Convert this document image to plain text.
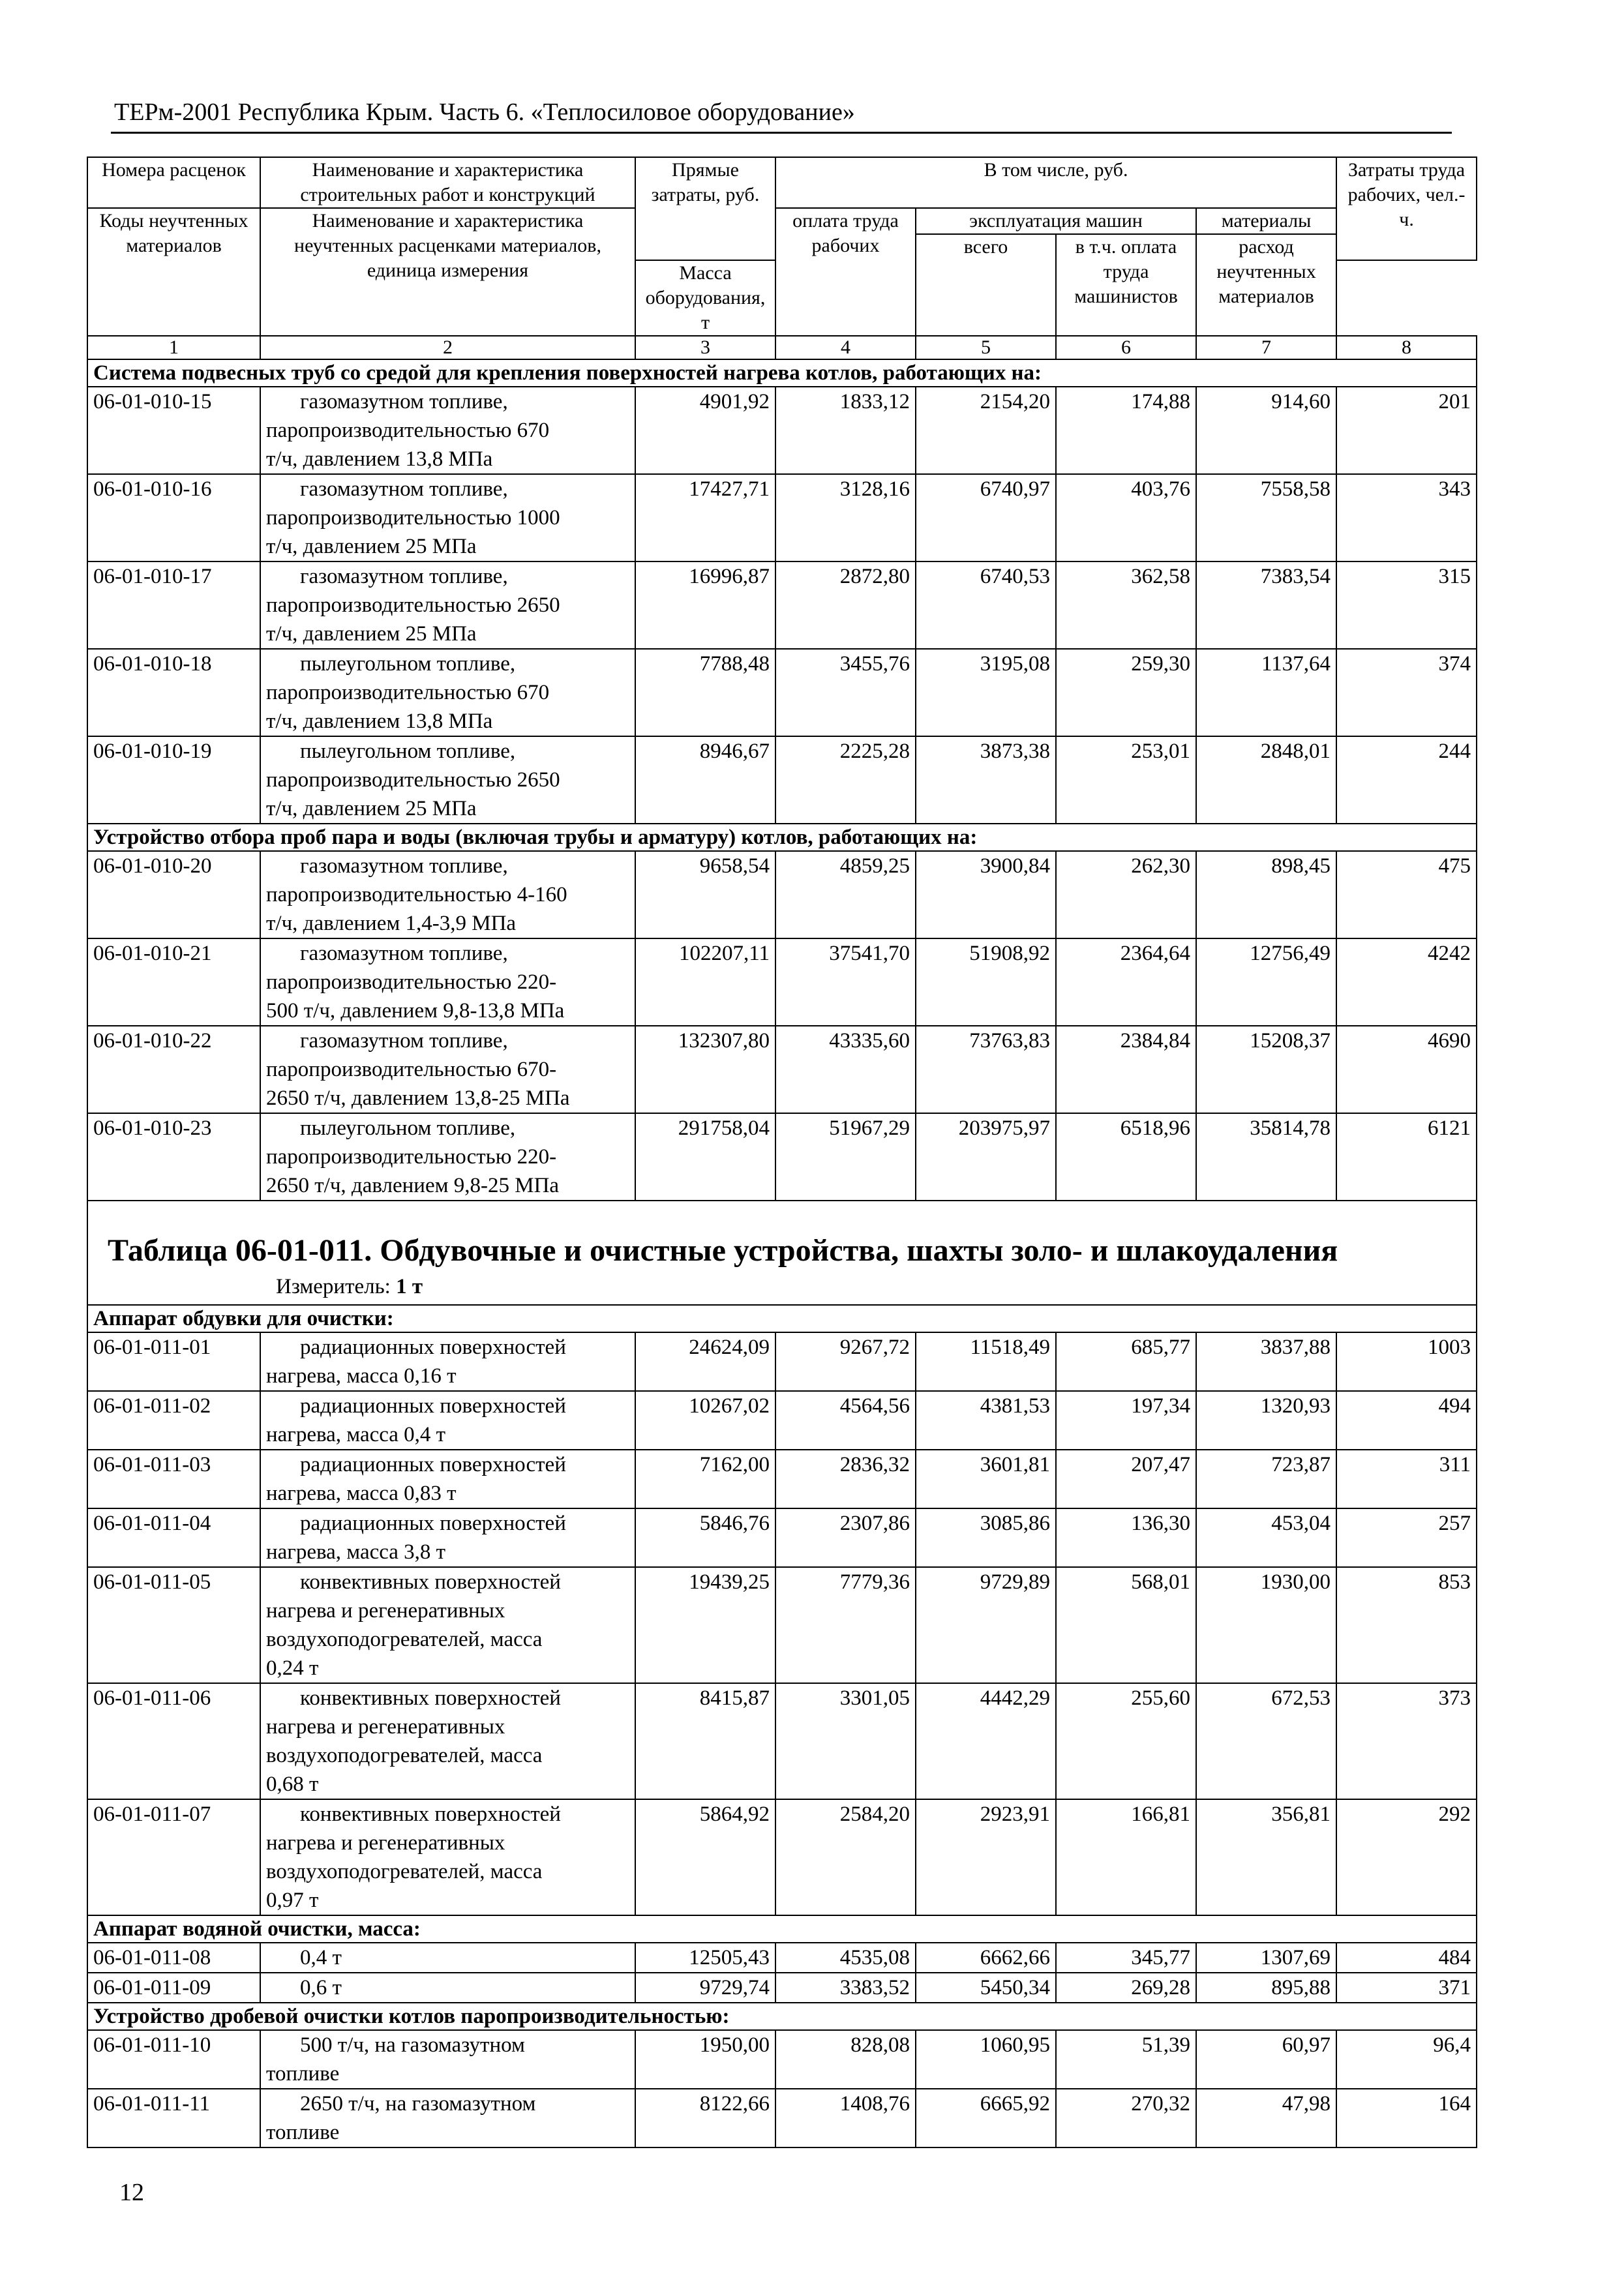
ТЕРм-2001 Республика Крым. Часть 6. «Теплосиловое оборудование»
Номера расценок	Наименование и характеристика строительных работ и конструкций	Прямые затраты, руб.	В том числе, руб.				Затраты труда рабочих, чел.-ч.
Коды неучтенных материалов	Наименование и характеристика неучтенных расценками материалов, единица измерения		оплата труда рабочих	эксплуатация машин		материалы	
				всего	в т.ч. оплата труда машинистов	расход неучтенных материалов	
		Масса оборудования, т					
1	2	3	4	5	6	7	8
Система подвесных труб со средой для крепления поверхностей нагрева котлов, работающих на:							
06-01-010-15	газомазутном топливе,
паропроизводительностью 670
т/ч, давлением 13,8 МПа	4901,92	1833,12	2154,20	174,88	914,60	201
06-01-010-16	газомазутном топливе,
паропроизводительностью 1000
т/ч, давлением 25 МПа	17427,71	3128,16	6740,97	403,76	7558,58	343
06-01-010-17	газомазутном топливе,
паропроизводительностью 2650
т/ч, давлением 25 МПа	16996,87	2872,80	6740,53	362,58	7383,54	315
06-01-010-18	пылеугольном топливе,
паропроизводительностью 670
т/ч, давлением 13,8 МПа	7788,48	3455,76	3195,08	259,30	1137,64	374
06-01-010-19	пылеугольном топливе,
паропроизводительностью 2650
т/ч, давлением 25 МПа	8946,67	2225,28	3873,38	253,01	2848,01	244
Устройство отбора проб пара и воды (включая трубы и арматуру) котлов, работающих на:							
06-01-010-20	газомазутном топливе,
паропроизводительностью 4-160
т/ч, давлением 1,4-3,9 МПа	9658,54	4859,25	3900,84	262,30	898,45	475
06-01-010-21	газомазутном топливе,
паропроизводительностью 220-
500 т/ч, давлением 9,8-13,8 МПа	102207,11	37541,70	51908,92	2364,64	12756,49	4242
06-01-010-22	газомазутном топливе,
паропроизводительностью 670-
2650 т/ч, давлением 13,8-25 МПа	132307,80	43335,60	73763,83	2384,84	15208,37	4690
06-01-010-23	пылеугольном топливе,
паропроизводительностью 220-
2650 т/ч, давлением 9,8-25 МПа	291758,04	51967,29	203975,97	6518,96	35814,78	6121

Таблица 06-01-011. Обдувочные и очистные устройства, шахты золо- и шлакоудаления
Измеритель: 1 т							

Аппарат обдувки для очистки:							
06-01-011-01	радиационных поверхностей
нагрева, масса 0,16 т	24624,09	9267,72	11518,49	685,77	3837,88	1003
06-01-011-02	радиационных поверхностей
нагрева, масса 0,4 т	10267,02	4564,56	4381,53	197,34	1320,93	494
06-01-011-03	радиационных поверхностей
нагрева, масса 0,83 т	7162,00	2836,32	3601,81	207,47	723,87	311
06-01-011-04	радиационных поверхностей
нагрева, масса 3,8 т	5846,76	2307,86	3085,86	136,30	453,04	257
06-01-011-05	конвективных поверхностей
нагрева и регенеративных
воздухоподогревателей, масса
0,24 т	19439,25	7779,36	9729,89	568,01	1930,00	853
06-01-011-06	конвективных поверхностей
нагрева и регенеративных
воздухоподогревателей, масса
0,68 т	8415,87	3301,05	4442,29	255,60	672,53	373
06-01-011-07	конвективных поверхностей
нагрева и регенеративных
воздухоподогревателей, масса
0,97 т	5864,92	2584,20	2923,91	166,81	356,81	292
Аппарат водяной очистки, масса:							
06-01-011-08	0,4 т	12505,43	4535,08	6662,66	345,77	1307,69	484
06-01-011-09	0,6 т	9729,74	3383,52	5450,34	269,28	895,88	371
Устройство дробевой очистки котлов паропроизводительностью:							
06-01-011-10	500 т/ч, на газомазутном
топливе	1950,00	828,08	1060,95	51,39	60,97	96,4
06-01-011-11	2650 т/ч, на газомазутном
топливе	8122,66	1408,76	6665,92	270,32	47,98	164
12
